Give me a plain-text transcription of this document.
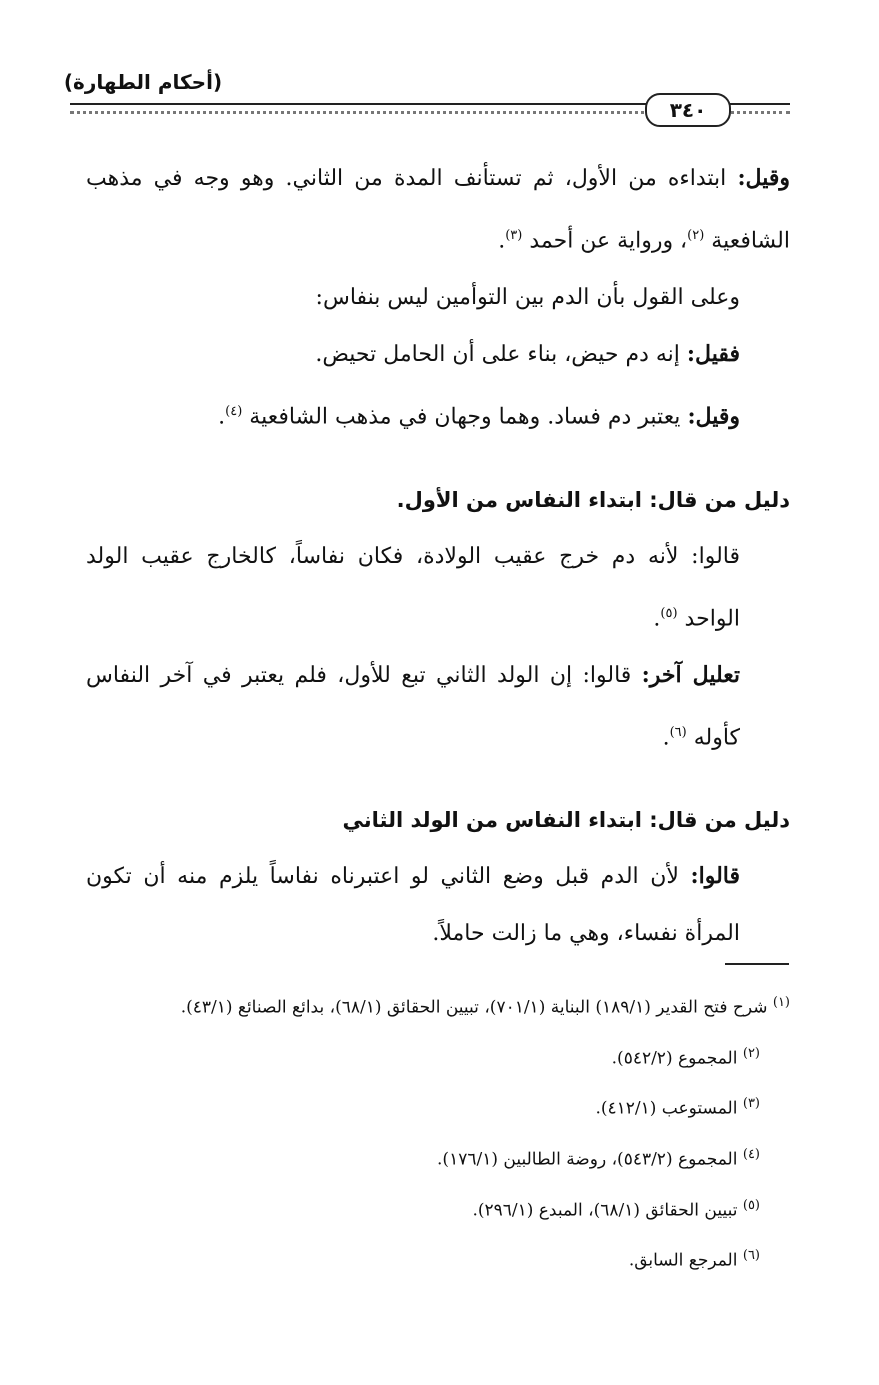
(أحكام الطهارة)
٣٤٠

وقيل: ابتداءه من الأول، ثم تستأنف المدة من الثاني. وهو وجه في مذهب الشافعية $^{(٢)}$، ورواية عن أحمد $^{(٣)}$.

وعلى القول بأن الدم بين التوأمين ليس بنفاس:

فقيل: إنه دم حيض، بناء على أن الحامل تحيض.

وقيل: يعتبر دم فساد. وهما وجهان في مذهب الشافعية $^{(٤)}$.

دليل من قال: ابتداء النفاس من الأول.

قالوا: لأنه دم خرج عقيب الولادة، فكان نفاساً، كالخارج عقيب الولد الواحد $^{(٥)}$.

تعليل آخر: قالوا: إن الولد الثاني تبع للأول، فلم يعتبر في آخر النفاس كأوله $^{(٦)}$.

دليل من قال: ابتداء النفاس من الولد الثاني

قالوا: لأن الدم قبل وضع الثاني لو اعتبرناه نفاساً يلزم منه أن تكون المرأة نفساء، وهي ما زالت حاملاً.

$^{(١)}$ شرح فتح القدير (١٨٩/١) البناية (٧٠١/١)، تبيين الحقائق (٦٨/١)، بدائع الصنائع (٤٣/١).

$^{(٢)}$ المجموع (٥٤٢/٢).

$^{(٣)}$ المستوعب (٤١٢/١).

$^{(٤)}$ المجموع (٥٤٣/٢)، روضة الطالبين (١٧٦/١).

$^{(٥)}$ تبيين الحقائق (٦٨/١)، المبدع (٢٩٦/١).

$^{(٦)}$ المرجع السابق.
